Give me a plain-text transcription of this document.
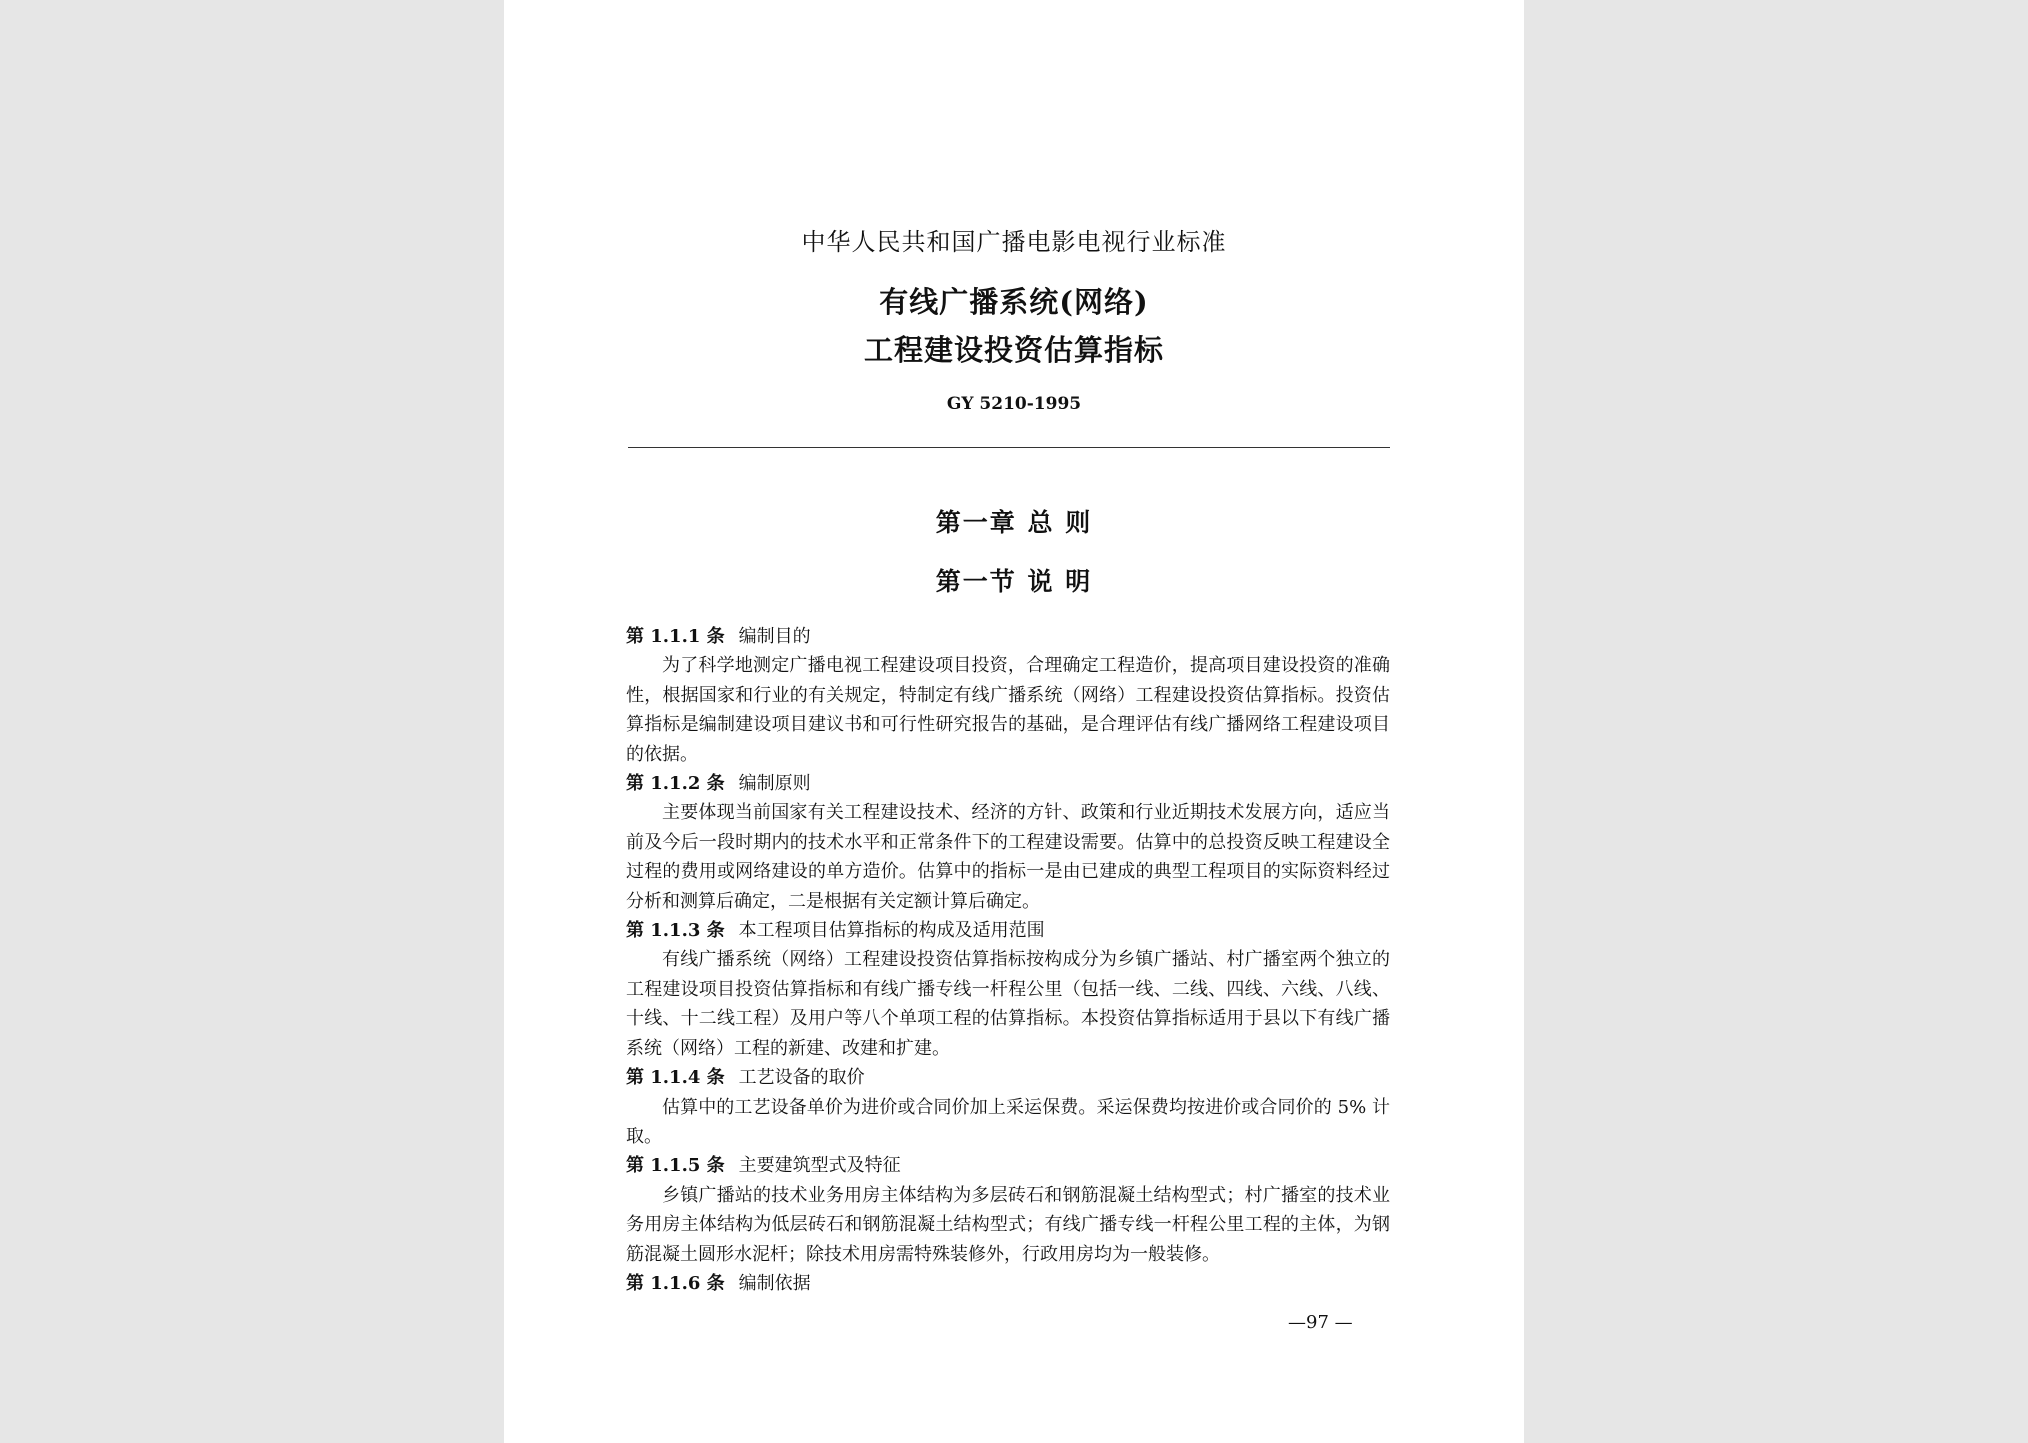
中华人民共和国广播电影电视行业标准
有线广播系统(网络)
工程建设投资估算指标
GY 5210-1995
第一章 总 则
第一节 说 明

第 1.1.1 条 编制目的

为了科学地测定广播电视工程建设项目投资，合理确定工程造价，提高项目建设投资的准确性，根据国家和行业的有关规定，特制定有线广播系统（网络）工程建设投资估算指标。投资估算指标是编制建设项目建议书和可行性研究报告的基础，是合理评估有线广播网络工程建设项目的依据。

第 1.1.2 条 编制原则

主要体现当前国家有关工程建设技术、经济的方针、政策和行业近期技术发展方向，适应当前及今后一段时期内的技术水平和正常条件下的工程建设需要。估算中的总投资反映工程建设全过程的费用或网络建设的单方造价。估算中的指标一是由已建成的典型工程项目的实际资料经过分析和测算后确定，二是根据有关定额计算后确定。

第 1.1.3 条 本工程项目估算指标的构成及适用范围

有线广播系统（网络）工程建设投资估算指标按构成分为乡镇广播站、村广播室两个独立的工程建设项目投资估算指标和有线广播专线一杆程公里（包括一线、二线、四线、六线、八线、十线、十二线工程）及用户等八个单项工程的估算指标。本投资估算指标适用于县以下有线广播系统（网络）工程的新建、改建和扩建。

第 1.1.4 条 工艺设备的取价

估算中的工艺设备单价为进价或合同价加上采运保费。采运保费均按进价或合同价的 5% 计取。

第 1.1.5 条 主要建筑型式及特征

乡镇广播站的技术业务用房主体结构为多层砖石和钢筋混凝土结构型式；村广播室的技术业务用房主体结构为低层砖石和钢筋混凝土结构型式；有线广播专线一杆程公里工程的主体，为钢筋混凝土圆形水泥杆；除技术用房需特殊装修外，行政用房均为一般装修。

第 1.1.6 条 编制依据

—97 —
